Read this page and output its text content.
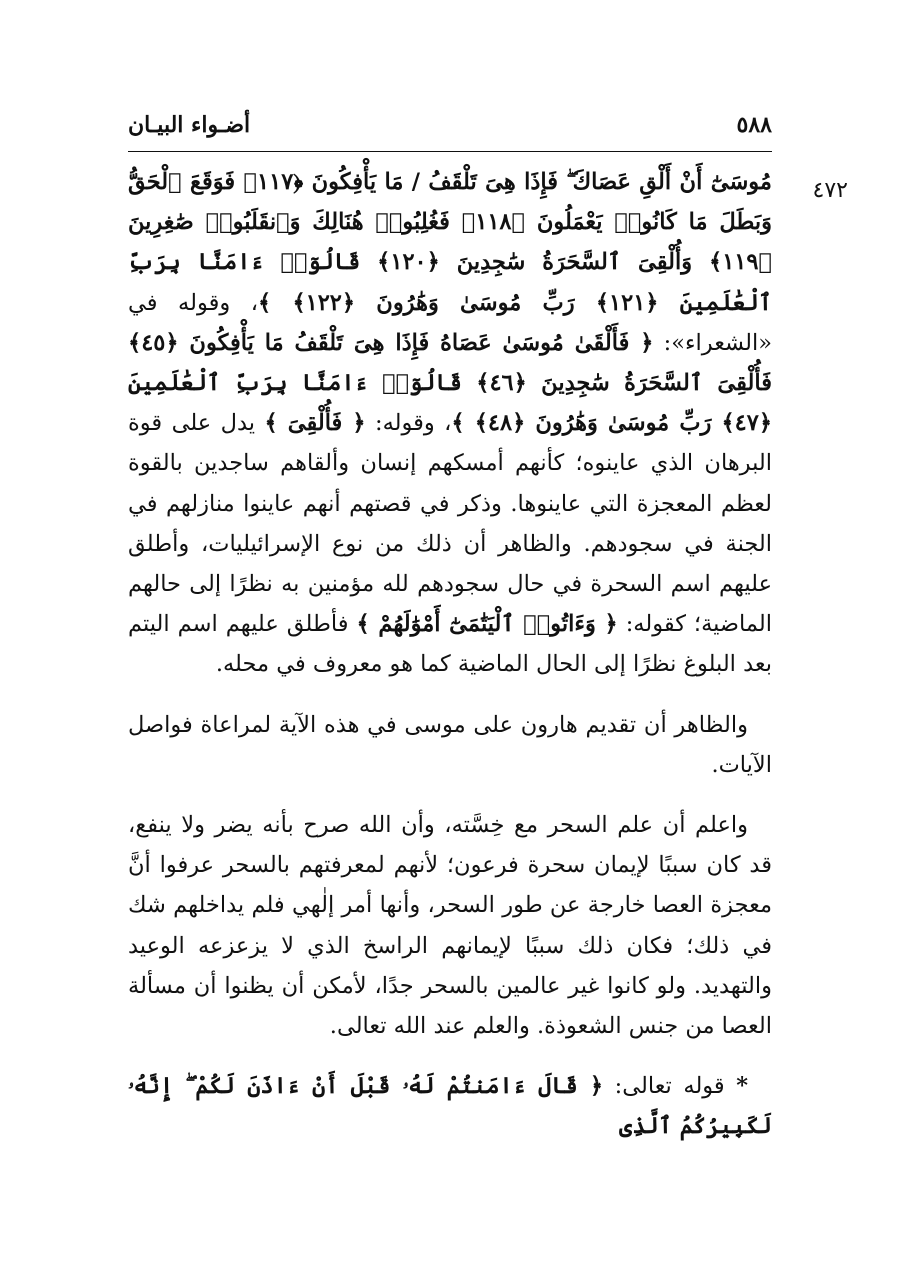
٥٨٨
أضـواء البيـان
٤٧٢

مُوسَىٰٓ أَنْ أَلْقِ عَصَاكَ ۖ فَإِذَا هِىَ تَلْقَفُ / مَا يَأْفِكُونَ ﴿١١٧﴾ فَوَقَعَ ٱلْحَقُّ وَبَطَلَ مَا كَانُوا۟ يَعْمَلُونَ ﴿١١٨﴾ فَغُلِبُوا۟ هُنَالِكَ وَٱنقَلَبُوا۟ صَٰغِرِينَ ﴿١١٩﴾ وَأُلْقِىَ ٱلسَّحَرَةُ سَٰجِدِينَ ﴿١٢٠﴾ قَالُوٓا۟ ءَامَنَّا بِرَبِّ ٱلْعَٰلَمِينَ ﴿١٢١﴾ رَبِّ مُوسَىٰ وَهَٰرُونَ ﴿١٢٢﴾ ﴾، وقوله في «الشعراء»: ﴿ فَأَلْقَىٰ مُوسَىٰ عَصَاهُ فَإِذَا هِىَ تَلْقَفُ مَا يَأْفِكُونَ ﴿٤٥﴾ فَأُلْقِىَ ٱلسَّحَرَةُ سَٰجِدِينَ ﴿٤٦﴾ قَالُوٓا۟ ءَامَنَّا بِرَبِّ ٱلْعَٰلَمِينَ ﴿٤٧﴾ رَبِّ مُوسَىٰ وَهَٰرُونَ ﴿٤٨﴾ ﴾، وقوله: ﴿ فَأُلْقِىَ ﴾ يدل على قوة البرهان الذي عاينوه؛ كأنهم أمسكهم إنسان وألقاهم ساجدين بالقوة لعظم المعجزة التي عاينوها. وذكر في قصتهم أنهم عاينوا منازلهم في الجنة في سجودهم. والظاهر أن ذلك من نوع الإسرائيليات، وأطلق عليهم اسم السحرة في حال سجودهم لله مؤمنين به نظرًا إلى حالهم الماضية؛ كقوله: ﴿ وَءَاتُوا۟ ٱلْيَتَٰمَىٰٓ أَمْوَٰلَهُمْ ﴾ فأطلق عليهم اسم اليتم بعد البلوغ نظرًا إلى الحال الماضية كما هو معروف في محله.

والظاهر أن تقديم هارون على موسى في هذه الآية لمراعاة فواصل الآيات.

واعلم أن علم السحر مع خِسَّته، وأن الله صرح بأنه يضر ولا ينفع، قد كان سببًا لإيمان سحرة فرعون؛ لأنهم لمعرفتهم بالسحر عرفوا أنَّ معجزة العصا خارجة عن طور السحر، وأنها أمر إلٰهي فلم يداخلهم شك في ذلك؛ فكان ذلك سببًا لإيمانهم الراسخ الذي لا يزعزعه الوعيد والتهديد. ولو كانوا غير عالمين بالسحر جدًا، لأمكن أن يظنوا أن مسألة العصا من جنس الشعوذة. والعلم عند الله تعالى.

* قوله تعالى: ﴿ قَالَ ءَامَنتُمْ لَهُۥ قَبْلَ أَنْ ءَاذَنَ لَكُمْ ۖ إِنَّهُۥ لَكَبِيرُكُمُ ٱلَّذِى
